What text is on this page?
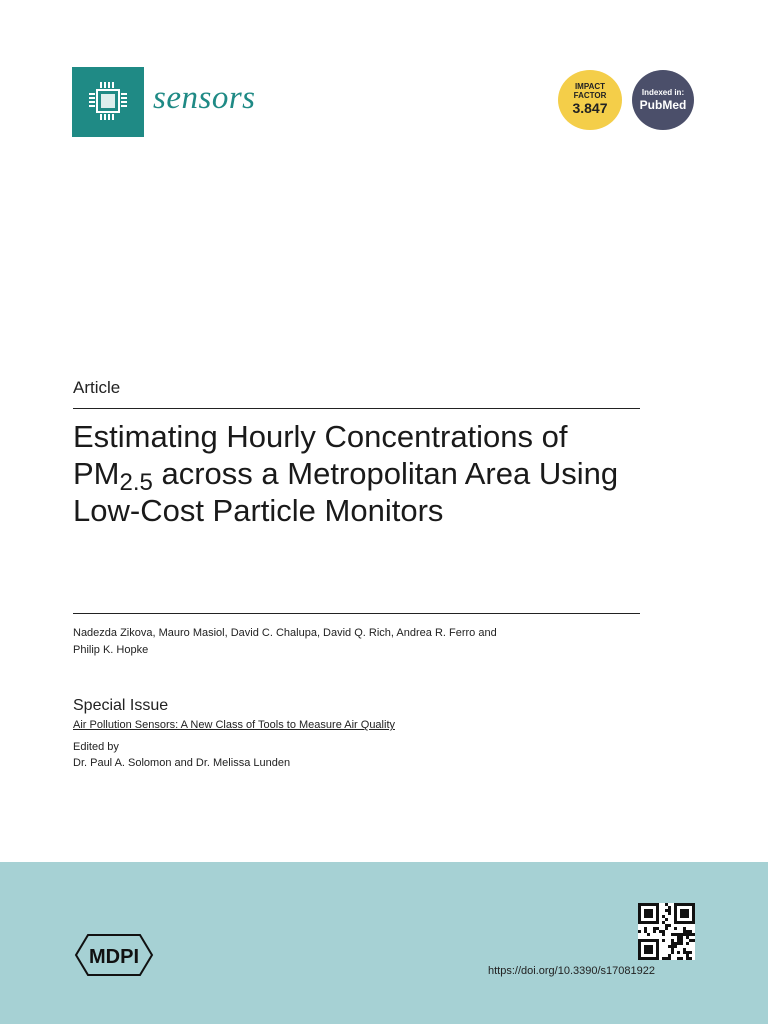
sensors	IMPACT
FACTOR
3.847
Indexed in:
PubMed
Article
Estimating Hourly Concentrations of $PM_{2.5}$ across a Metropolitan Area Using Low-Cost Particle Monitors
Nadezda Zikova, Mauro Masiol, David C. Chalupa, David Q. Rich, Andrea R. Ferro and
Philip K. Hopke
Special Issue
Air Pollution Sensors: A New Class of Tools to Measure Air Quality
Edited by
Dr. Paul A. Solomon and Dr. Melissa Lunden
MDPI
https://doi.org/10.3390/s17081922
